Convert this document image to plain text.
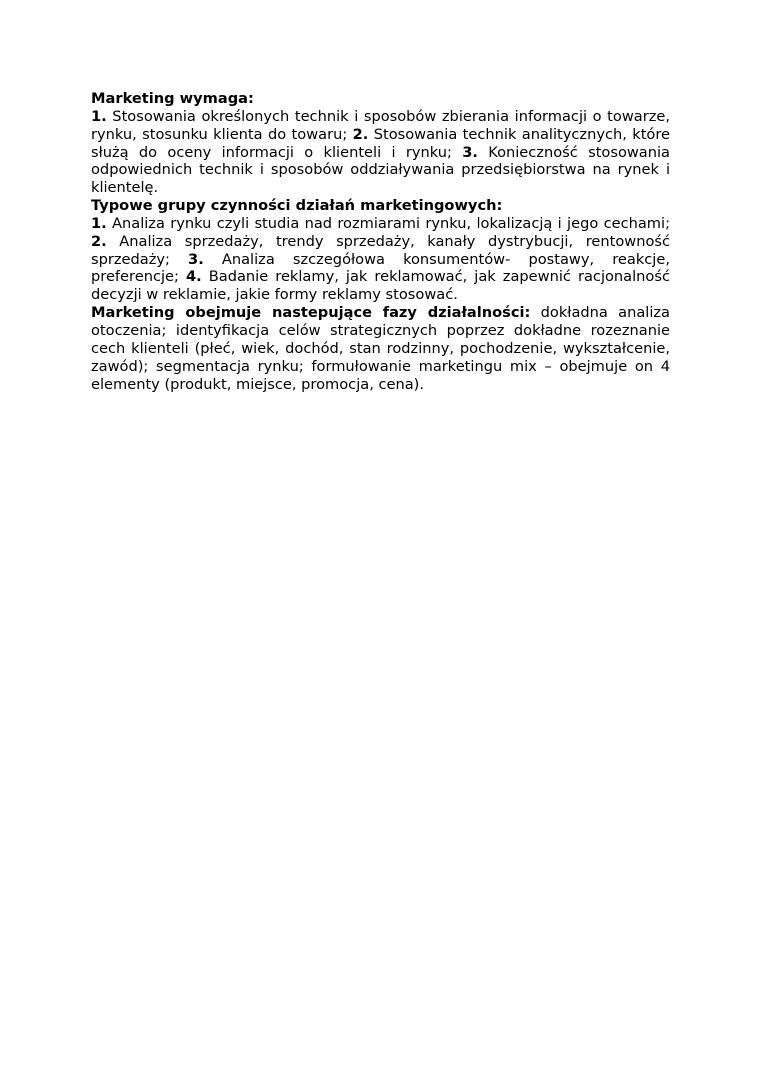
Marketing wymaga:

1. Stosowania określonych technik i sposobów zbierania informacji o towarze, rynku, stosunku klienta do towaru; 2. Stosowania technik analitycznych, które służą do oceny informacji o klienteli i rynku; 3. Konieczność stosowania odpowiednich technik i sposobów oddziaływania przedsiębiorstwa na rynek i klientelę.

Typowe grupy czynności działań marketingowych:

1. Analiza rynku czyli studia nad rozmiarami rynku, lokalizacją i jego cechami; 2. Analiza sprzedaży, trendy sprzedaży, kanały dystrybucji, rentowność sprzedaży; 3. Analiza szczegółowa konsumentów- postawy, reakcje, preferencje; 4. Badanie reklamy, jak reklamować, jak zapewnić racjonalność decyzji w reklamie, jakie formy reklamy stosować.

Marketing obejmuje nastepujące fazy działalności: dokładna analiza otoczenia; identyfikacja celów strategicznych poprzez dokładne rozeznanie cech klienteli (płeć, wiek, dochód, stan rodzinny, pochodzenie, wykształcenie, zawód); segmentacja rynku; formułowanie marketingu mix – obejmuje on 4 elementy (produkt, miejsce, promocja, cena).
